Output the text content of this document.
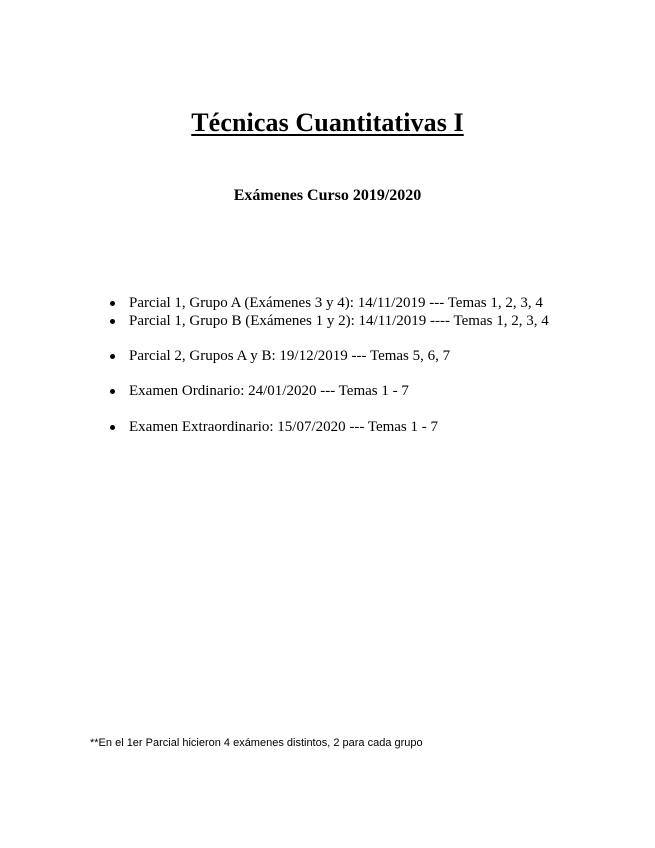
Técnicas Cuantitativas I
Exámenes Curso 2019/2020
Parcial 1, Grupo A (Exámenes 3 y 4): 14/11/2019 --- Temas 1, 2, 3, 4
Parcial 1, Grupo B (Exámenes 1 y 2): 14/11/2019 ---- Temas 1, 2, 3, 4
Parcial 2, Grupos A y B: 19/12/2019 --- Temas 5, 6, 7
Examen Ordinario: 24/01/2020 --- Temas 1 - 7
Examen Extraordinario: 15/07/2020 --- Temas 1 - 7
**En el 1er Parcial hicieron 4 exámenes distintos, 2 para cada grupo
